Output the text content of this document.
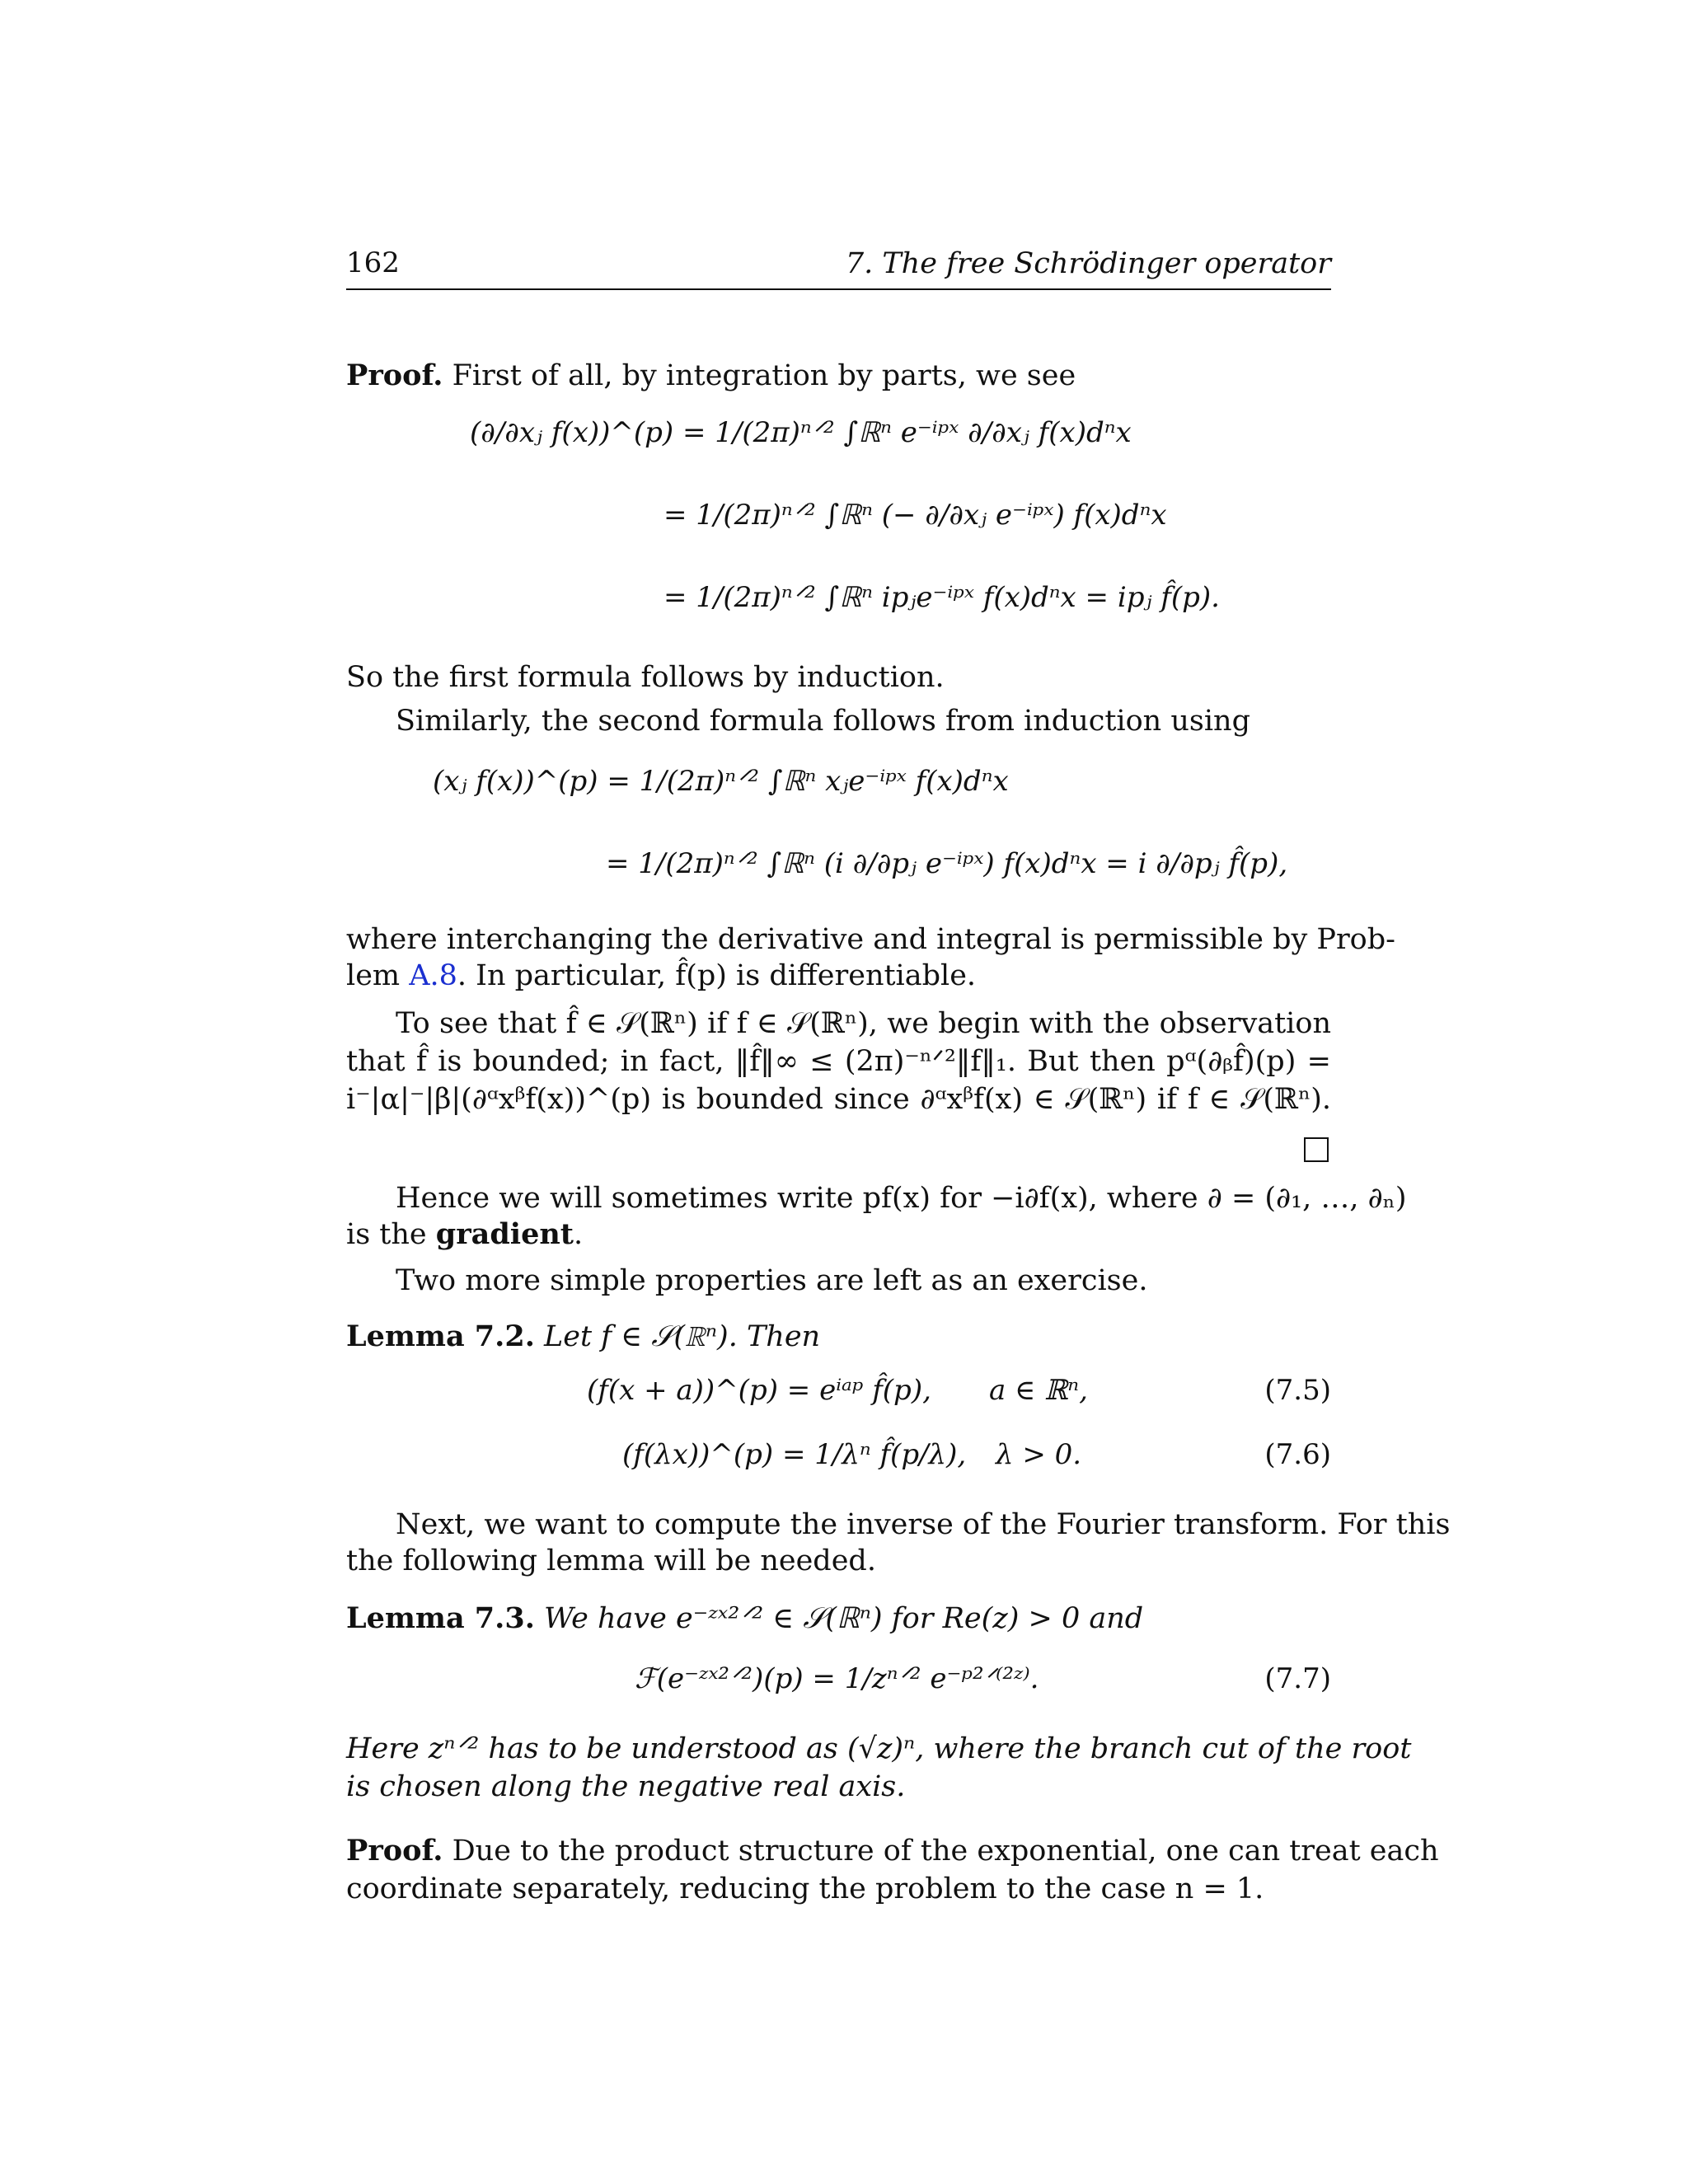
162	7. The free Schrödinger operator
Proof. First of all, by integration by parts, we see
(∂/∂xⱼ f(x))^(p) = 1/(2π)ⁿᐟ² ∫ℝⁿ e⁻ⁱᵖˣ ∂/∂xⱼ f(x)dⁿx
= 1/(2π)ⁿᐟ² ∫ℝⁿ (− ∂/∂xⱼ e⁻ⁱᵖˣ) f(x)dⁿx
= 1/(2π)ⁿᐟ² ∫ℝⁿ ipⱼe⁻ⁱᵖˣ f(x)dⁿx = ipⱼ f̂(p).
So the first formula follows by induction.
Similarly, the second formula follows from induction using
(xⱼ f(x))^(p) = 1/(2π)ⁿᐟ² ∫ℝⁿ xⱼe⁻ⁱᵖˣ f(x)dⁿx
= 1/(2π)ⁿᐟ² ∫ℝⁿ (i ∂/∂pⱼ e⁻ⁱᵖˣ) f(x)dⁿx = i ∂/∂pⱼ f̂(p),
where interchanging the derivative and integral is permissible by Prob-
lem A.8. In particular, f̂(p) is differentiable.
To see that f̂ ∈ 𝒮(ℝⁿ) if f ∈ 𝒮(ℝⁿ), we begin with the observation
that f̂ is bounded; in fact, ‖f̂‖∞ ≤ (2π)⁻ⁿᐟ²‖f‖₁. But then pᵅ(∂ᵦf̂)(p) =
i⁻|α|⁻|β|(∂ᵅxᵝf(x))^(p) is bounded since ∂ᵅxᵝf(x) ∈ 𝒮(ℝⁿ) if f ∈ 𝒮(ℝⁿ).
Hence we will sometimes write pf(x) for −i∂f(x), where ∂ = (∂₁, …, ∂ₙ)
is the gradient.
Two more simple properties are left as an exercise.
Lemma 7.2. Let f ∈ 𝒮(ℝⁿ). Then
(f(x + a))^(p) = eⁱᵃᵖ f̂(p), a ∈ ℝⁿ,	(7.5)
(f(λx))^(p) = 1/λⁿ f̂(p/λ), λ > 0.	(7.6)
Next, we want to compute the inverse of the Fourier transform. For this
the following lemma will be needed.
Lemma 7.3. We have e⁻ᶻˣ²ᐟ² ∈ 𝒮(ℝⁿ) for Re(z) > 0 and
ℱ(e⁻ᶻˣ²ᐟ²)(p) = 1/zⁿᐟ² e⁻ᵖ²ᐟ⁽²ᶻ⁾.	(7.7)
Here zⁿᐟ² has to be understood as (√z)ⁿ, where the branch cut of the root
is chosen along the negative real axis.
Proof. Due to the product structure of the exponential, one can treat each
coordinate separately, reducing the problem to the case n = 1.
